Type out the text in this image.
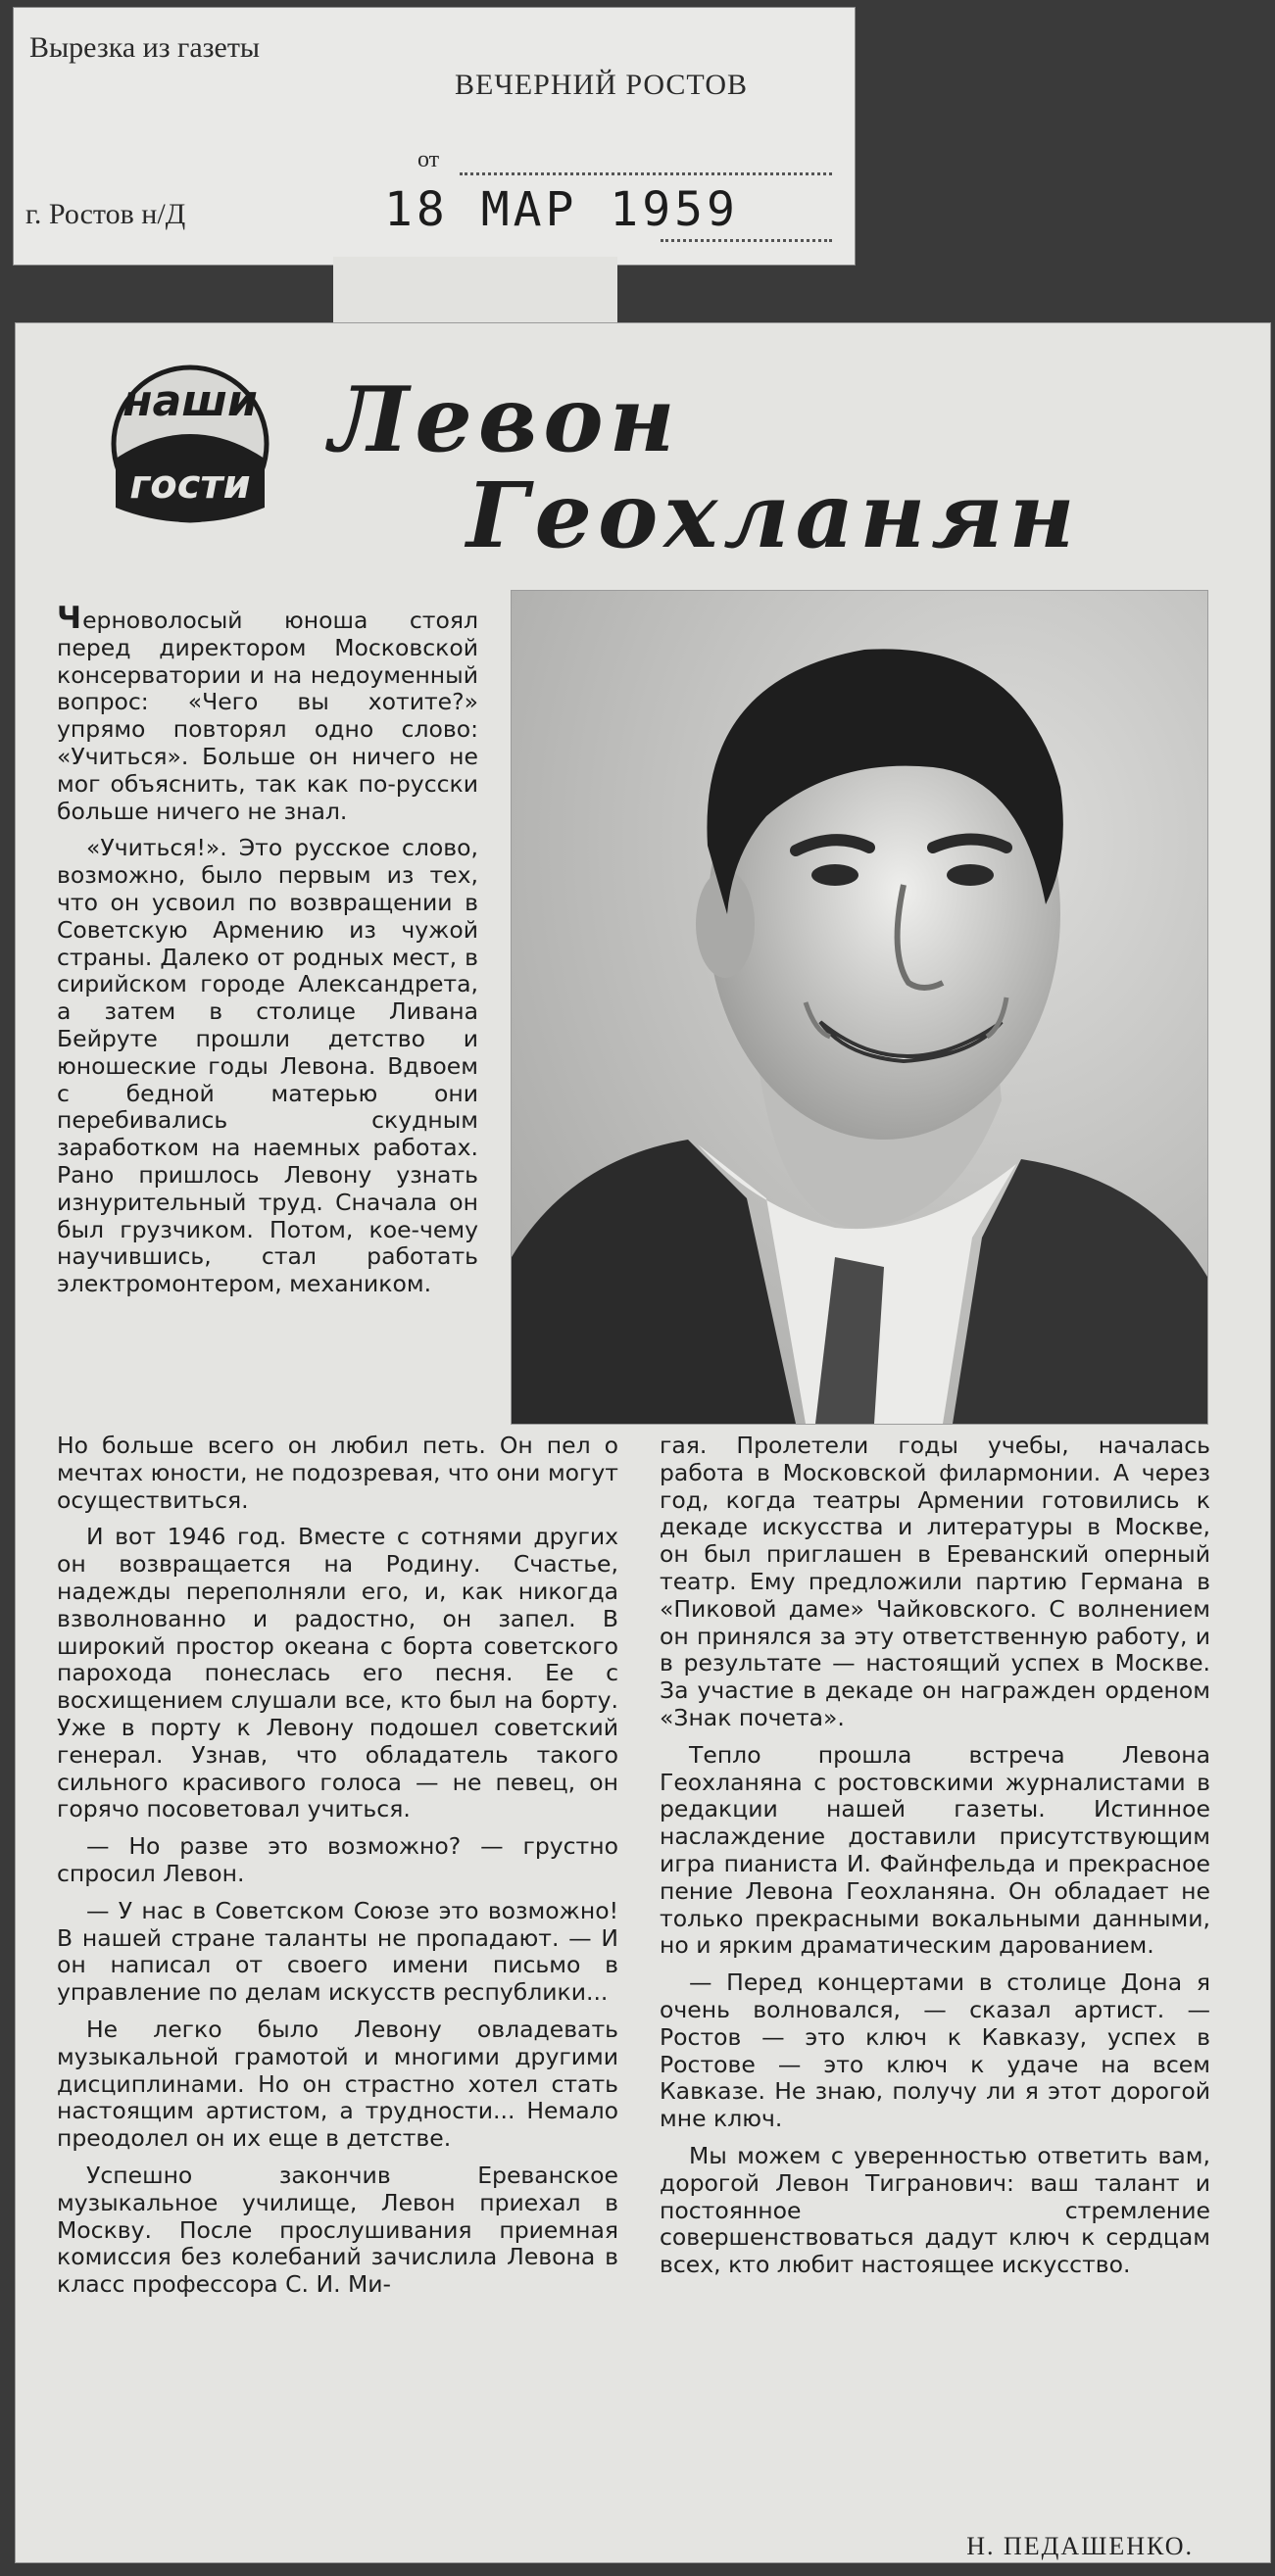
Вырезка из газеты
ВЕЧЕРНИЙ РОСТОВ
от
г. Ростов н/Д	18 МАР 1959
наши
гости
Левон
Геохланян

Черноволосый юноша стоял перед директором Московской консерватории и на недоуменный вопрос: «Чего вы хотите?» упрямо повторял одно слово: «Учиться». Больше он ничего не мог объяснить, так как по-русски больше ничего не знал.

«Учиться!». Это русское слово, возможно, было первым из тех, что он усвоил по возвращении в Советскую Армению из чужой страны. Далеко от родных мест, в сирийском городе Александрета, а затем в столице Ливана Бейруте прошли детство и юношеские годы Левона. Вдвоем с бедной матерью они перебивались скудным заработком на наемных работах. Рано пришлось Левону узнать изнурительный труд. Сначала он был грузчиком. Потом, кое-чему научившись, стал работать электромонтером, механиком.

Но больше всего он любил петь. Он пел о мечтах юности, не подозревая, что они могут осуществиться.

И вот 1946 год. Вместе с сотнями других он возвращается на Родину. Счастье, надежды переполняли его, и, как никогда взволнованно и радостно, он запел. В широкий простор океана с борта советского парохода понеслась его песня. Ее с восхищением слушали все, кто был на борту. Уже в порту к Левону подошел советский генерал. Узнав, что обладатель такого сильного красивого голоса — не певец, он горячо посоветовал учиться.

— Но разве это возможно? — грустно спросил Левон.

— У нас в Советском Союзе это возможно! В нашей стране таланты не пропадают. — И он написал от своего имени письмо в управление по делам искусств республики...

Не легко было Левону овладевать музыкальной грамотой и многими другими дисциплинами. Но он страстно хотел стать настоящим артистом, а трудности... Немало преодолел он их еще в детстве.

Успешно закончив Ереванское музыкальное училище, Левон приехал в Москву. После прослушивания приемная комиссия без колебаний зачислила Левона в класс профессора С. И. Ми-

гая. Пролетели годы учебы, началась работа в Московской филармонии. А через год, когда театры Армении готовились к декаде искусства и литературы в Москве, он был приглашен в Ереванский оперный театр. Ему предложили партию Германа в «Пиковой даме» Чайковского. С волнением он принялся за эту ответственную работу, и в результате — настоящий успех в Москве. За участие в декаде он награжден орденом «Знак почета».

Тепло прошла встреча Левона Геохланяна с ростовскими журналистами в редакции нашей газеты. Истинное наслаждение доставили присутствующим игра пианиста И. Файнфельда и прекрасное пение Левона Геохланяна. Он обладает не только прекрасными вокальными данными, но и ярким драматическим дарованием.

— Перед концертами в столице Дона я очень волновался, — сказал артист. — Ростов — это ключ к Кавказу, успех в Ростове — это ключ к удаче на всем Кавказе. Не знаю, получу ли я этот дорогой мне ключ.

Мы можем с уверенностью ответить вам, дорогой Левон Тигранович: ваш талант и постоянное стремление совершенствоваться дадут ключ к сердцам всех, кто любит настоящее искусство.

Н. ПЕДАШЕНКО.
